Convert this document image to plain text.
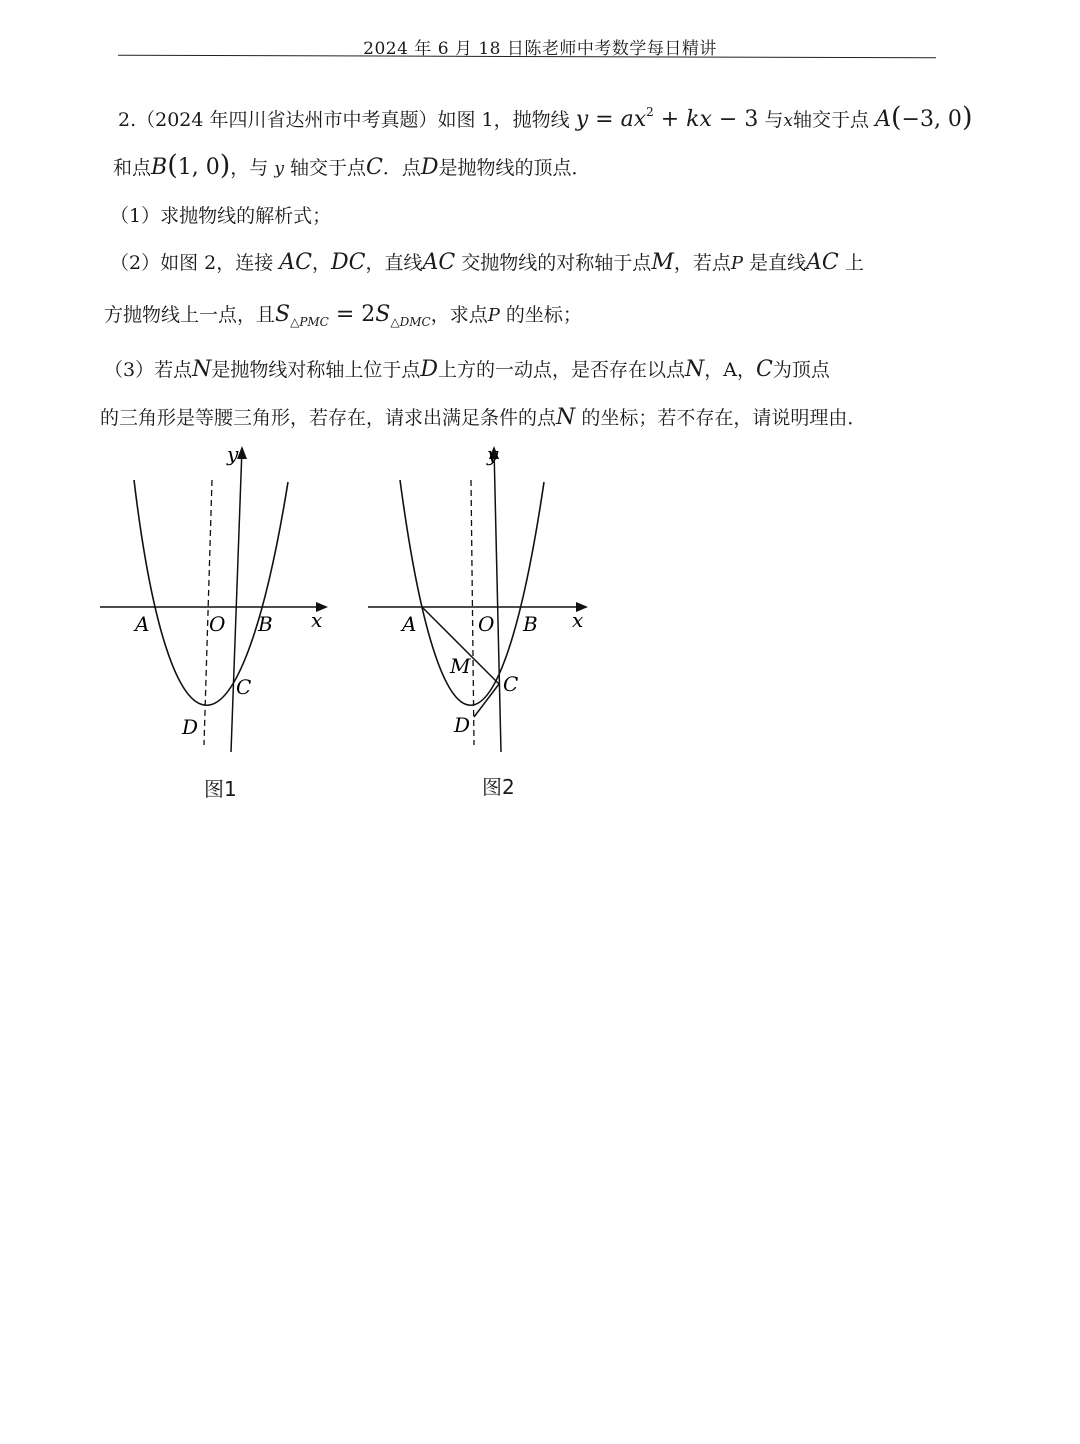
2024 年 6 月 18 日陈老师中考数学每日精讲
2.（2024 年四川省达州市中考真题）如图 1，抛物线 $y = ax^2$ + kx − 3 与x轴交于点 A(−3, 0)
和点B(1, 0)，与 y 轴交于点C．点D是抛物线的顶点．
（1）求抛物线的解析式；
（2）如图 2，连接 AC，DC，直线AC 交抛物线的对称轴于点M，若点P 是直线AC 上
方抛物线上一点，且$S_{\triangle PMC} = 2S_{\triangle DMC}$，求点P 的坐标；
（3）若点N是抛物线对称轴上位于点D上方的一动点，是否存在以点N，A，C为顶点
的三角形是等腰三角形，若存在，请求出满足条件的点N 的坐标；若不存在，请说明理由．
y
x
A	O B
C
D
图1
y
x
A	O B
M
C
D
图2
